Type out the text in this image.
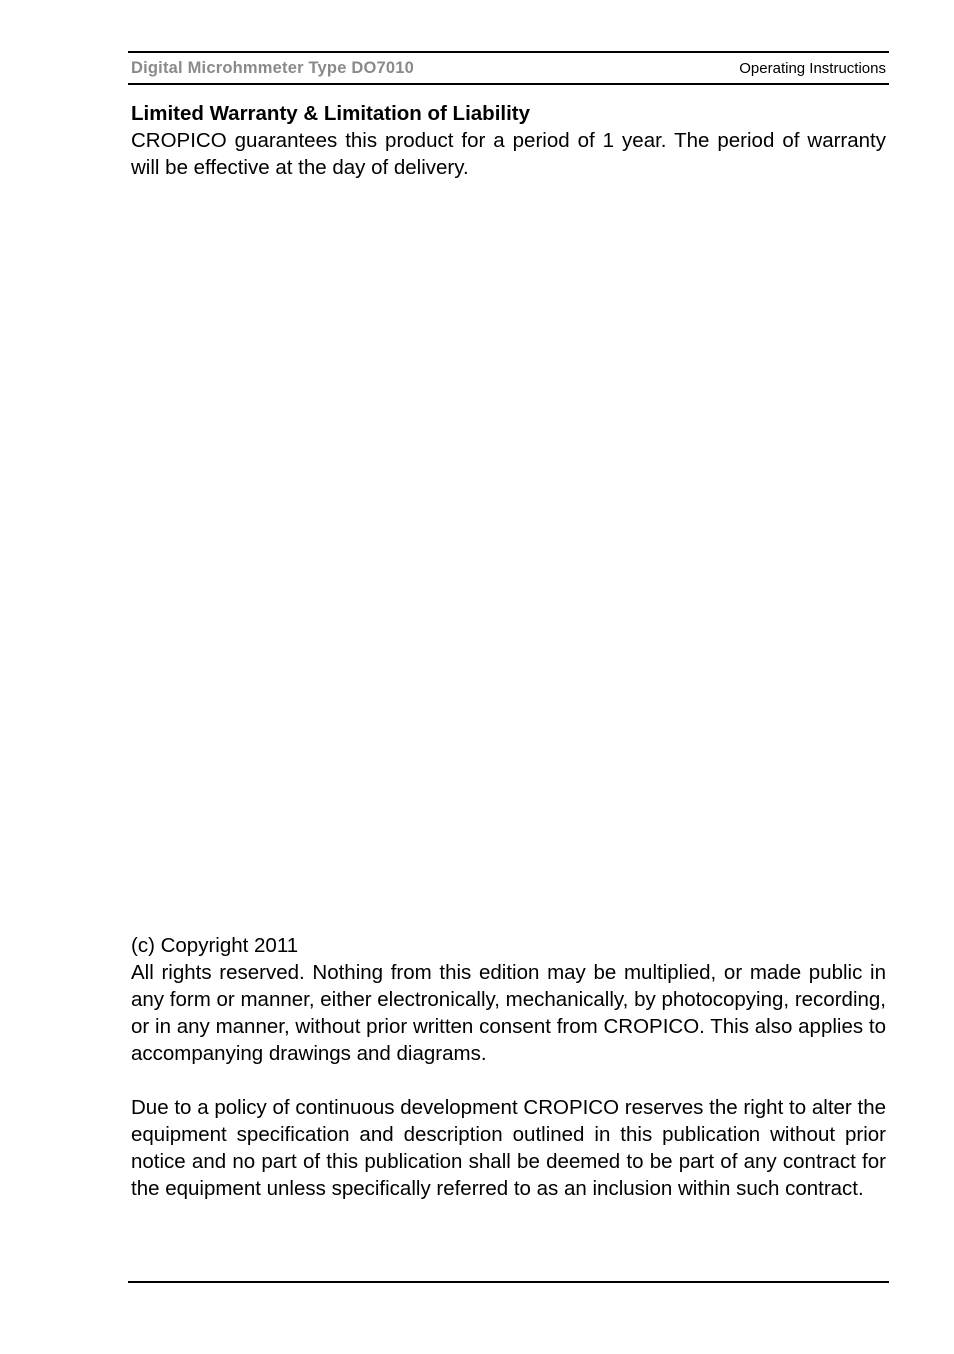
Digital Microhmmeter Type DO7010	Operating Instructions
Limited Warranty & Limitation of Liability

CROPICO guarantees this product for a period of 1 year. The period of warranty will be effective at the day of delivery.

(c) Copyright 2011

All rights reserved. Nothing from this edition may be multiplied, or made public in any form or manner, either electronically, mechanically, by photocopying, recording, or in any manner, without prior written consent from CROPICO. This also applies to accompanying drawings and diagrams.

Due to a policy of continuous development CROPICO reserves the right to alter the equipment specification and description outlined in this publication without prior notice and no part of this publication shall be deemed to be part of any contract for the equipment unless specifically referred to as an inclusion within such contract.
